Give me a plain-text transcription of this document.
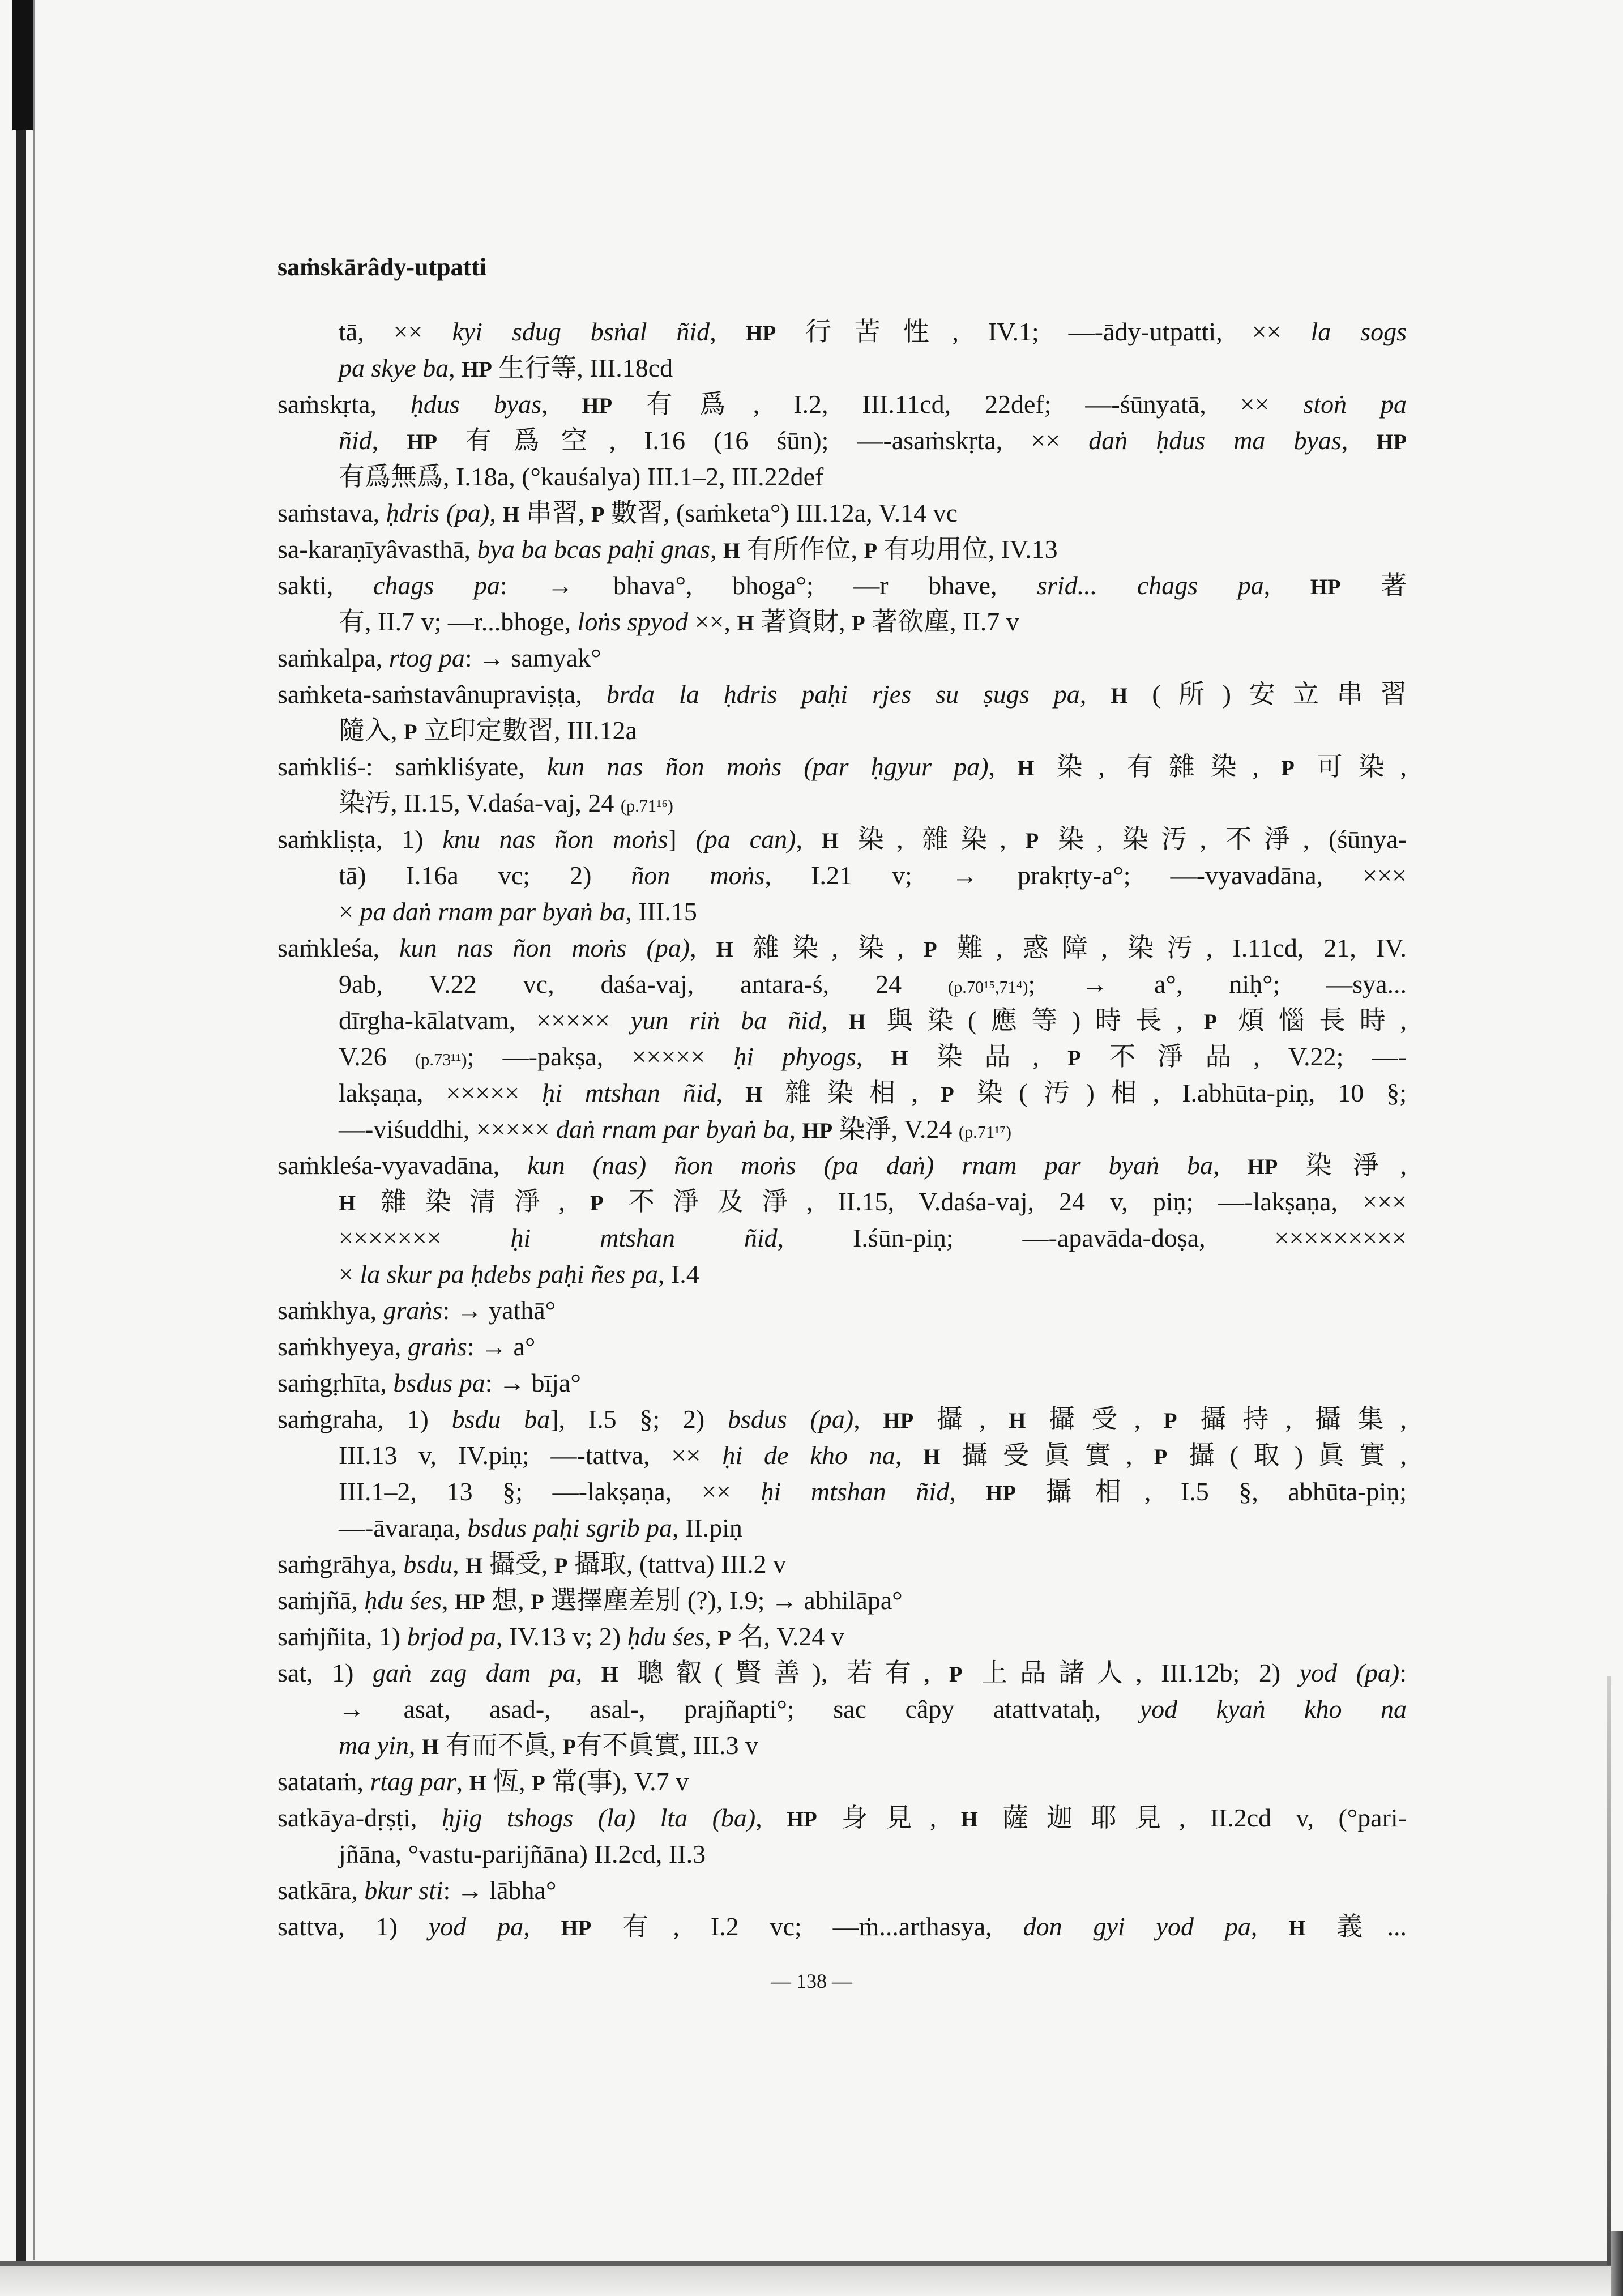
saṁskārâdy-utpatti
tā, ×× kyi sdug bsṅal ñid, HP 行苦性, IV.1; —-ādy-utpatti, ×× la sogs
pa skye ba, HP 生行等, III.18cd
saṁskṛta, ḥdus byas, HP 有爲, I.2, III.11cd, 22def; —-śūnyatā, ×× stoṅ pa
ñid, HP 有爲空, I.16 (16 śūn); —-asaṁskṛta, ×× daṅ ḥdus ma byas, HP
有爲無爲, I.18a, (°kauśalya) III.1–2, III.22def
saṁstava, ḥdris (pa), H 串習, P 數習, (saṁketa°) III.12a, V.14 vc
sa-karaṇīyâvasthā, bya ba bcas paḥi gnas, H 有所作位, P 有功用位, IV.13
sakti, chags pa: → bhava°, bhoga°; —r bhave, srid... chags pa, HP 著
有, II.7 v; —r...bhoge, loṅs spyod ××, H 著資財, P 著欲塵, II.7 v
saṁkalpa, rtog pa: → samyak°
saṁketa-saṁstavânupraviṣṭa, brda la ḥdris paḥi rjes su ṣugs pa, H (所)安立串習
隨入, P 立印定數習, III.12a
saṁkliś-: saṁkliśyate, kun nas ñon moṅs (par ḥgyur pa), H 染, 有雜染, P 可染,
染汚, II.15, V.daśa-vaj, 24 (p.71¹⁶)
saṁkliṣṭa, 1) knu nas ñon moṅs] (pa can), H 染, 雜染, P 染, 染汚, 不淨, (śūnya-
tā) I.16a vc; 2) ñon moṅs, I.21 v; → prakṛty-a°; —-vyavadāna, ×××
× pa daṅ rnam par byaṅ ba, III.15
saṁkleśa, kun nas ñon moṅs (pa), H 雜染, 染, P 難, 惑障, 染汚, I.11cd, 21, IV.
9ab, V.22 vc, daśa-vaj, antara-ś, 24 (p.70¹⁵,71⁴); → a°, niḥ°; —sya...
dīrgha-kālatvam, ××××× yun riṅ ba ñid, H 與染(應等)時長, P 煩惱長時,
V.26 (p.73¹¹); —-pakṣa, ××××× ḥi phyogs, H 染品, P 不淨品, V.22; —-
lakṣaṇa, ××××× ḥi mtshan ñid, H 雜染相, P 染(汚)相, I.abhūta-piṇ, 10 §;
—-viśuddhi, ××××× daṅ rnam par byaṅ ba, HP 染淨, V.24 (p.71¹⁷)
saṁkleśa-vyavadāna, kun (nas) ñon moṅs (pa daṅ) rnam par byaṅ ba, HP 染淨,
H 雜染清淨, P 不淨及淨, II.15, V.daśa-vaj, 24 v, piṇ; —-lakṣaṇa, ×××
××××××× ḥi mtshan ñid, I.śūn-piṇ; —-apavāda-doṣa, ×××××××××
× la skur pa ḥdebs paḥi ñes pa, I.4
saṁkhya, graṅs: → yathā°
saṁkhyeya, graṅs: → a°
saṁgṛhīta, bsdus pa: → bīja°
saṁgraha, 1) bsdu ba], I.5 §; 2) bsdus (pa), HP 攝, H 攝受, P 攝持, 攝集,
III.13 v, IV.piṇ; —-tattva, ×× ḥi de kho na, H 攝受眞實, P 攝(取)眞實,
III.1–2, 13 §; —-lakṣaṇa, ×× ḥi mtshan ñid, HP 攝相, I.5 §, abhūta-piṇ;
—-āvaraṇa, bsdus paḥi sgrib pa, II.piṇ
saṁgrāhya, bsdu, H 攝受, P 攝取, (tattva) III.2 v
saṁjñā, ḥdu śes, HP 想, P 選擇塵差別 (?), I.9; → abhilāpa°
saṁjñita, 1) brjod pa, IV.13 v; 2) ḥdu śes, P 名, V.24 v
sat, 1) gaṅ zag dam pa, H 聰叡(賢善), 若有, P 上品諸人, III.12b; 2) yod (pa):
→ asat, asad-, asal-, prajñapti°; sac câpy atattvataḥ, yod kyaṅ kho na
ma yin, H 有而不眞, P有不眞實, III.3 v
satataṁ, rtag par, H 恆, P 常(事), V.7 v
satkāya-dṛṣṭi, ḥjig tshogs (la) lta (ba), HP 身見, H 薩迦耶見, II.2cd v, (°pari-
jñāna, °vastu-parijñāna) II.2cd, II.3
satkāra, bkur sti: → lābha°
sattva, 1) yod pa, HP 有, I.2 vc; —ṁ...arthasya, don gyi yod pa, H 義...
— 138 —
